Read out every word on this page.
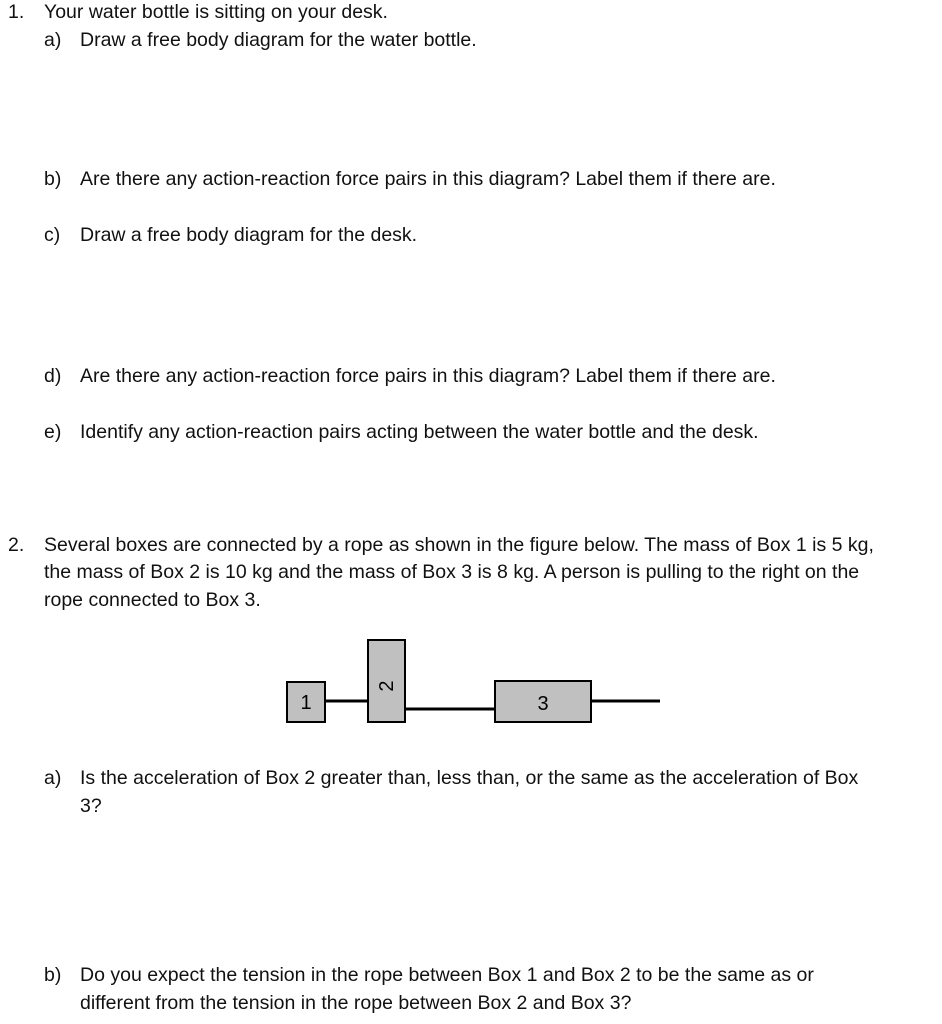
1. Your water bottle is sitting on your desk.
a) Draw a free body diagram for the water bottle.
b) Are there any action-reaction force pairs in this diagram? Label them if there are.
c) Draw a free body diagram for the desk.
d) Are there any action-reaction force pairs in this diagram? Label them if there are.
e) Identify any action-reaction pairs acting between the water bottle and the desk.
2. Several boxes are connected by a rope as shown in the figure below. The mass of Box 1 is 5 kg,
the mass of Box 2 is 10 kg and the mass of Box 3 is 8 kg. A person is pulling to the right on the
rope connected to Box 3.
1
2
3
a) Is the acceleration of Box 2 greater than, less than, or the same as the acceleration of Box
3?
b) Do you expect the tension in the rope between Box 1 and Box 2 to be the same as or
different from the tension in the rope between Box 2 and Box 3?
